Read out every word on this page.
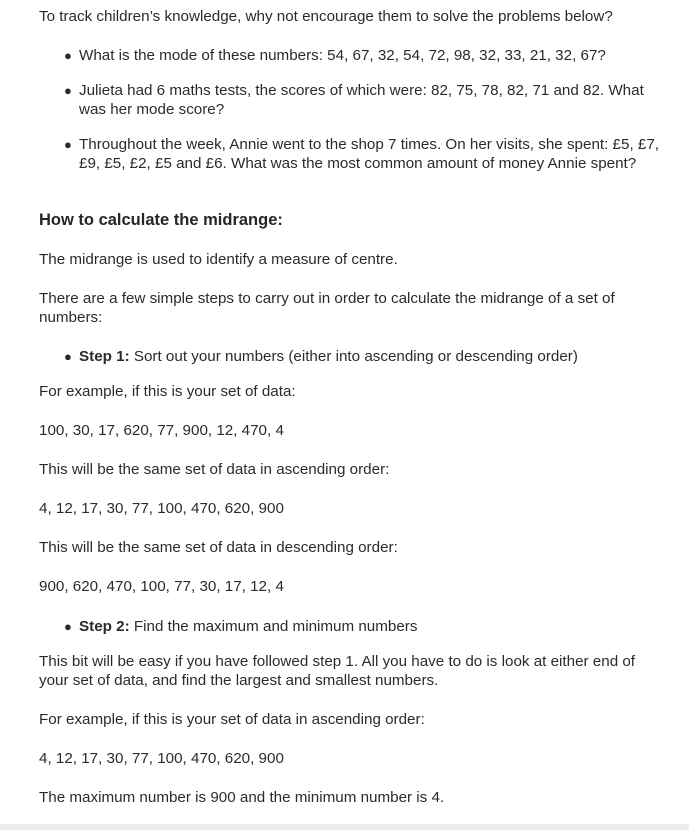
To track children’s knowledge, why not encourage them to solve the problems below?

● What is the mode of these numbers: 54, 67, 32, 54, 72, 98, 32, 33, 21, 32, 67?

● Julieta had 6 maths tests, the scores of which were: 82, 75, 78, 82, 71 and 82. What was her mode score?

● Throughout the week, Annie went to the shop 7 times. On her visits, she spent: £5, £7, £9, £5, £2, £5 and £6. What was the most common amount of money Annie spent?

How to calculate the midrange:

The midrange is used to identify a measure of centre.

There are a few simple steps to carry out in order to calculate the midrange of a set of numbers:

● Step 1: Sort out your numbers (either into ascending or descending order)

For example, if this is your set of data:

100, 30, 17, 620, 77, 900, 12, 470, 4

This will be the same set of data in ascending order:

4, 12, 17, 30, 77, 100, 470, 620, 900

This will be the same set of data in descending order:

900, 620, 470, 100, 77, 30, 17, 12, 4

● Step 2: Find the maximum and minimum numbers

This bit will be easy if you have followed step 1. All you have to do is look at either end of your set of data, and find the largest and smallest numbers.

For example, if this is your set of data in ascending order:

4, 12, 17, 30, 77, 100, 470, 620, 900

The maximum number is 900 and the minimum number is 4.
